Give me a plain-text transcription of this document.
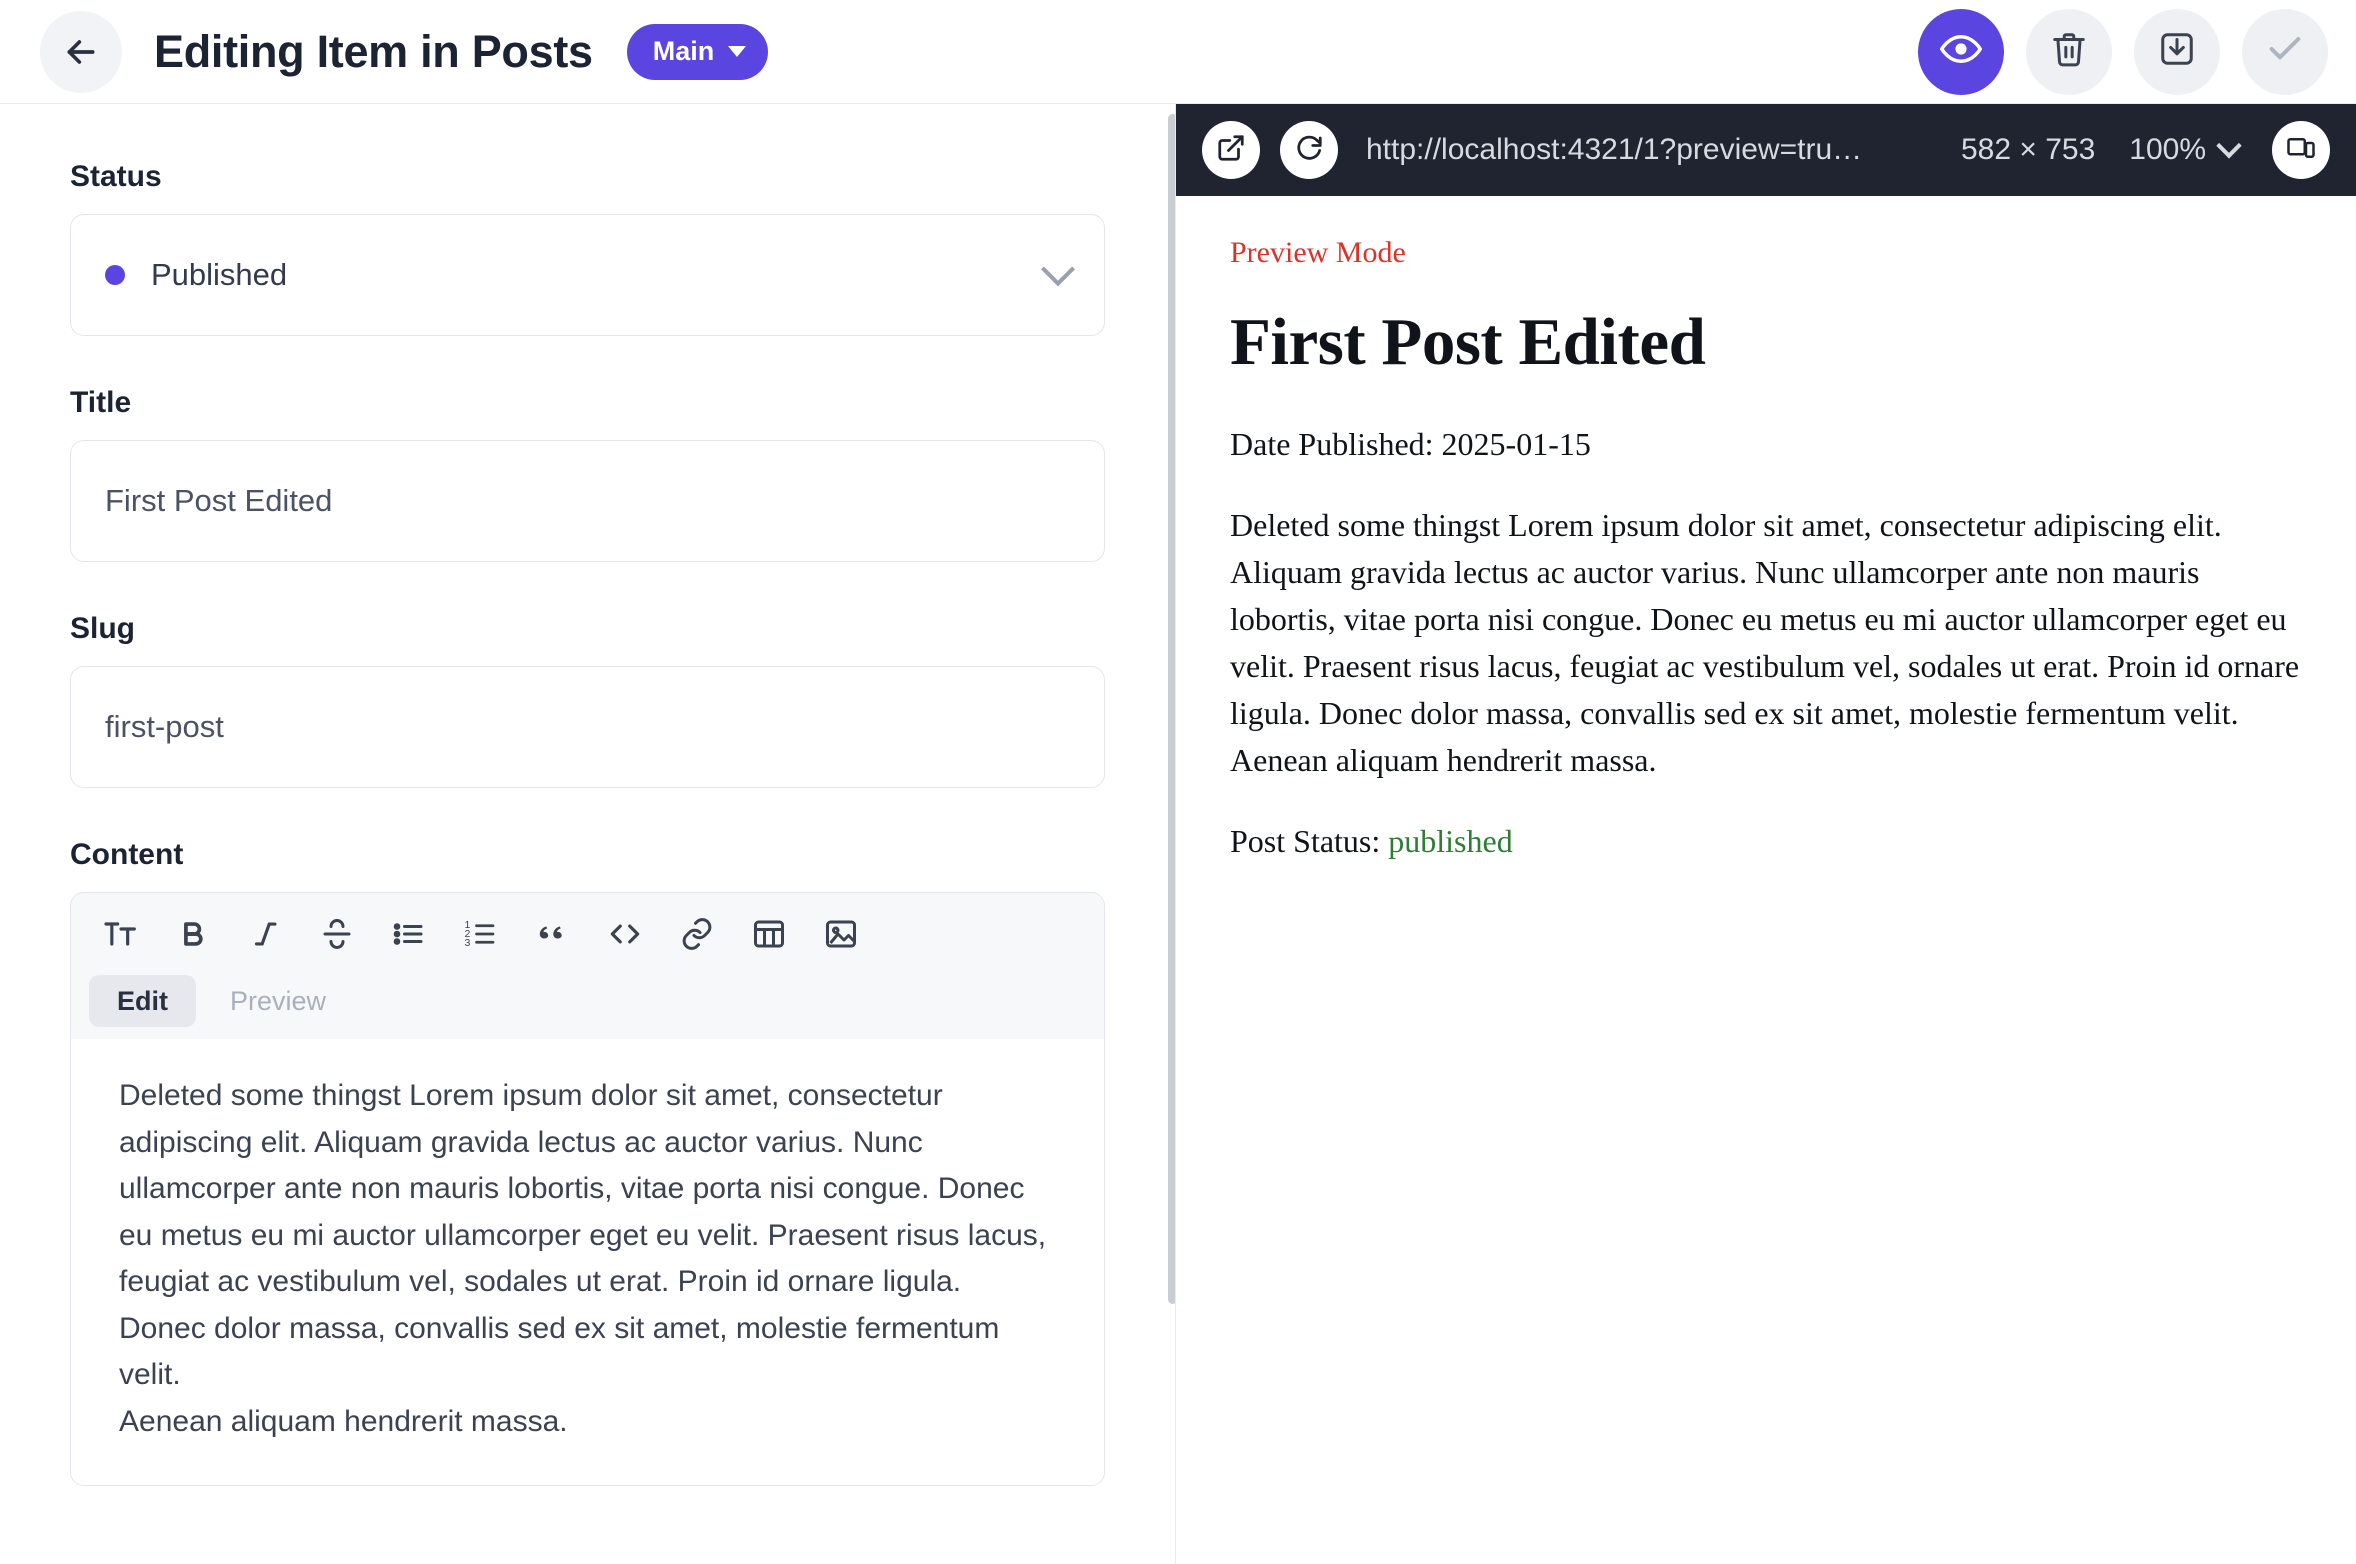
Editing Item in Posts Main
Status
Published
Title
First Post Edited
Slug
first-post
Content
1
2
3
Edit	Preview

Deleted some thingst Lorem ipsum dolor sit amet, consectetur adipiscing elit. Aliquam gravida lectus ac auctor varius. Nunc ullamcorper ante non mauris lobortis, vitae porta nisi congue. Donec eu metus eu mi auctor ullamcorper eget eu velit. Praesent risus lacus, feugiat ac vestibulum vel, sodales ut erat. Proin id ornare ligula. Donec dolor massa, convallis sed ex sit amet, molestie fermentum velit.

Aenean aliquam hendrerit massa.

http://localhost:4321/1?preview=tru…	582 × 753 100%
Preview Mode
First Post Edited

Date Published: 2025-01-15

Deleted some thingst Lorem ipsum dolor sit amet, consectetur adipiscing elit. Aliquam gravida lectus ac auctor varius. Nunc ullamcorper ante non mauris lobortis, vitae porta nisi congue. Donec eu metus eu mi auctor ullamcorper eget eu velit. Praesent risus lacus, feugiat ac vestibulum vel, sodales ut erat. Proin id ornare ligula. Donec dolor massa, convallis sed ex sit amet, molestie fermentum velit. Aenean aliquam hendrerit massa.

Post Status: published
